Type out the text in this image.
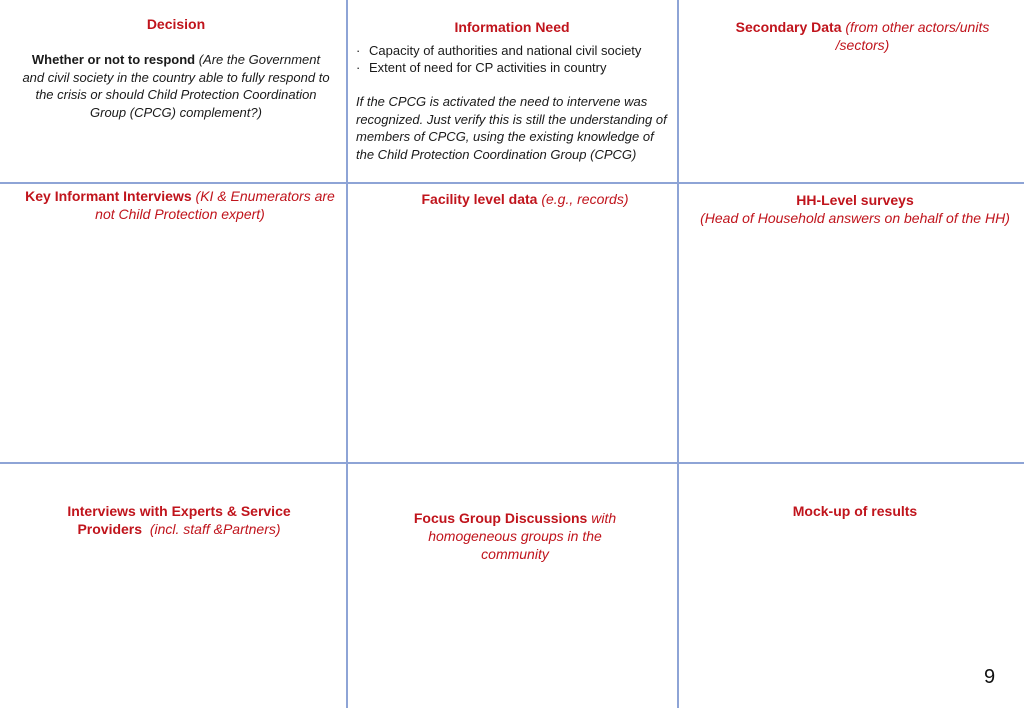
Decision
Whether or not to respond (Are the Government and civil society in the country able to fully respond to the crisis or should Child Protection Coordination Group (CPCG) complement?)
Information Need
· Capacity of authorities and national civil society
· Extent of need for CP activities in country
If the CPCG is activated the need to intervene was recognized. Just verify this is still the understanding of members of CPCG, using the existing knowledge of the Child Protection Coordination Group (CPCG)
Secondary Data (from other actors/units /sectors)
Key Informant Interviews (KI & Enumerators are not Child Protection expert)
Facility level data (e.g., records)	HH-Level surveys
(Head of Household answers on behalf of the HH)
Interviews with Experts & Service Providers  (incl. staff &Partners)
Focus Group Discussions with homogeneous groups in the community
Mock-up of results
9
